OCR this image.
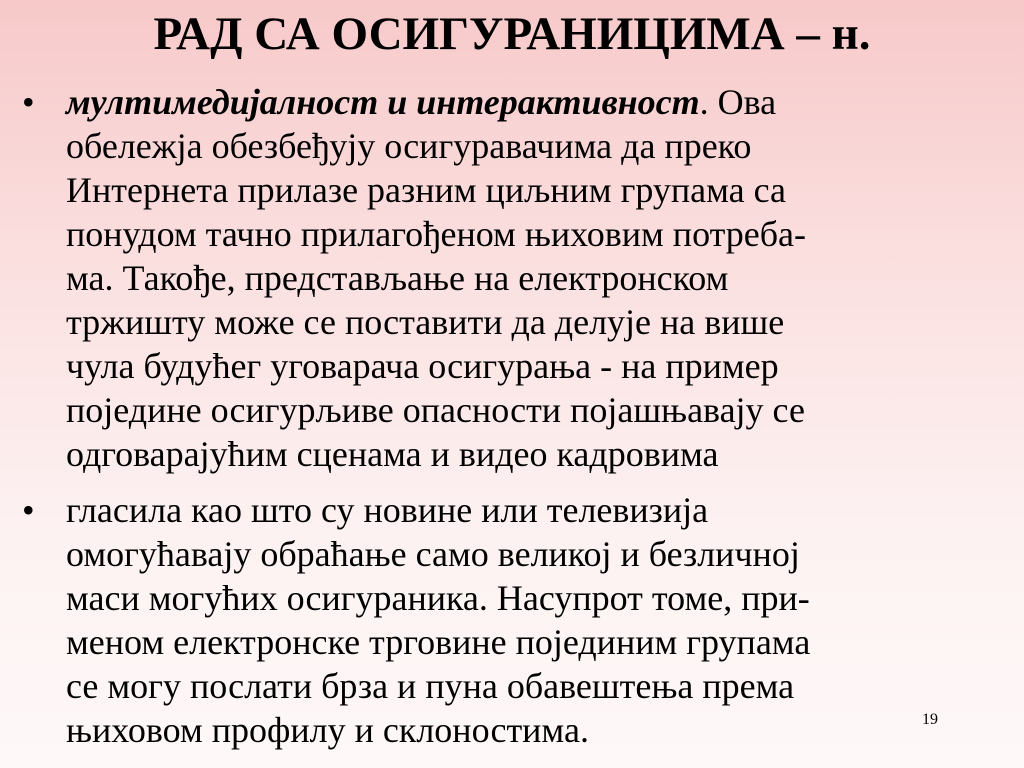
РАД СА ОСИГУРАНИЦИМА – н.
• мултимедијалност и интерактивност. Ова
обележја обезбеђују осигуравачима да преко
Интернета прилазе разним циљним групама са
понудом тачно прилагођеном њиховим потреба-
ма. Такође, представљање на електронском
тржишту може се поставити да делује на више
чула будућег уговарача осигурања - на пример
поједине осигурљиве опасности појашњавају се
одговарајућим сценама и видео кадровима
• гласила као што су новине или телевизија
омогућавају обраћање само великој и безличној
маси могућих осигураника. Насупрот томе, при-
меном електронске трговине појединим групама
се могу послати брза и пуна обавештења према
њиховом профилу и склоностима.	19
